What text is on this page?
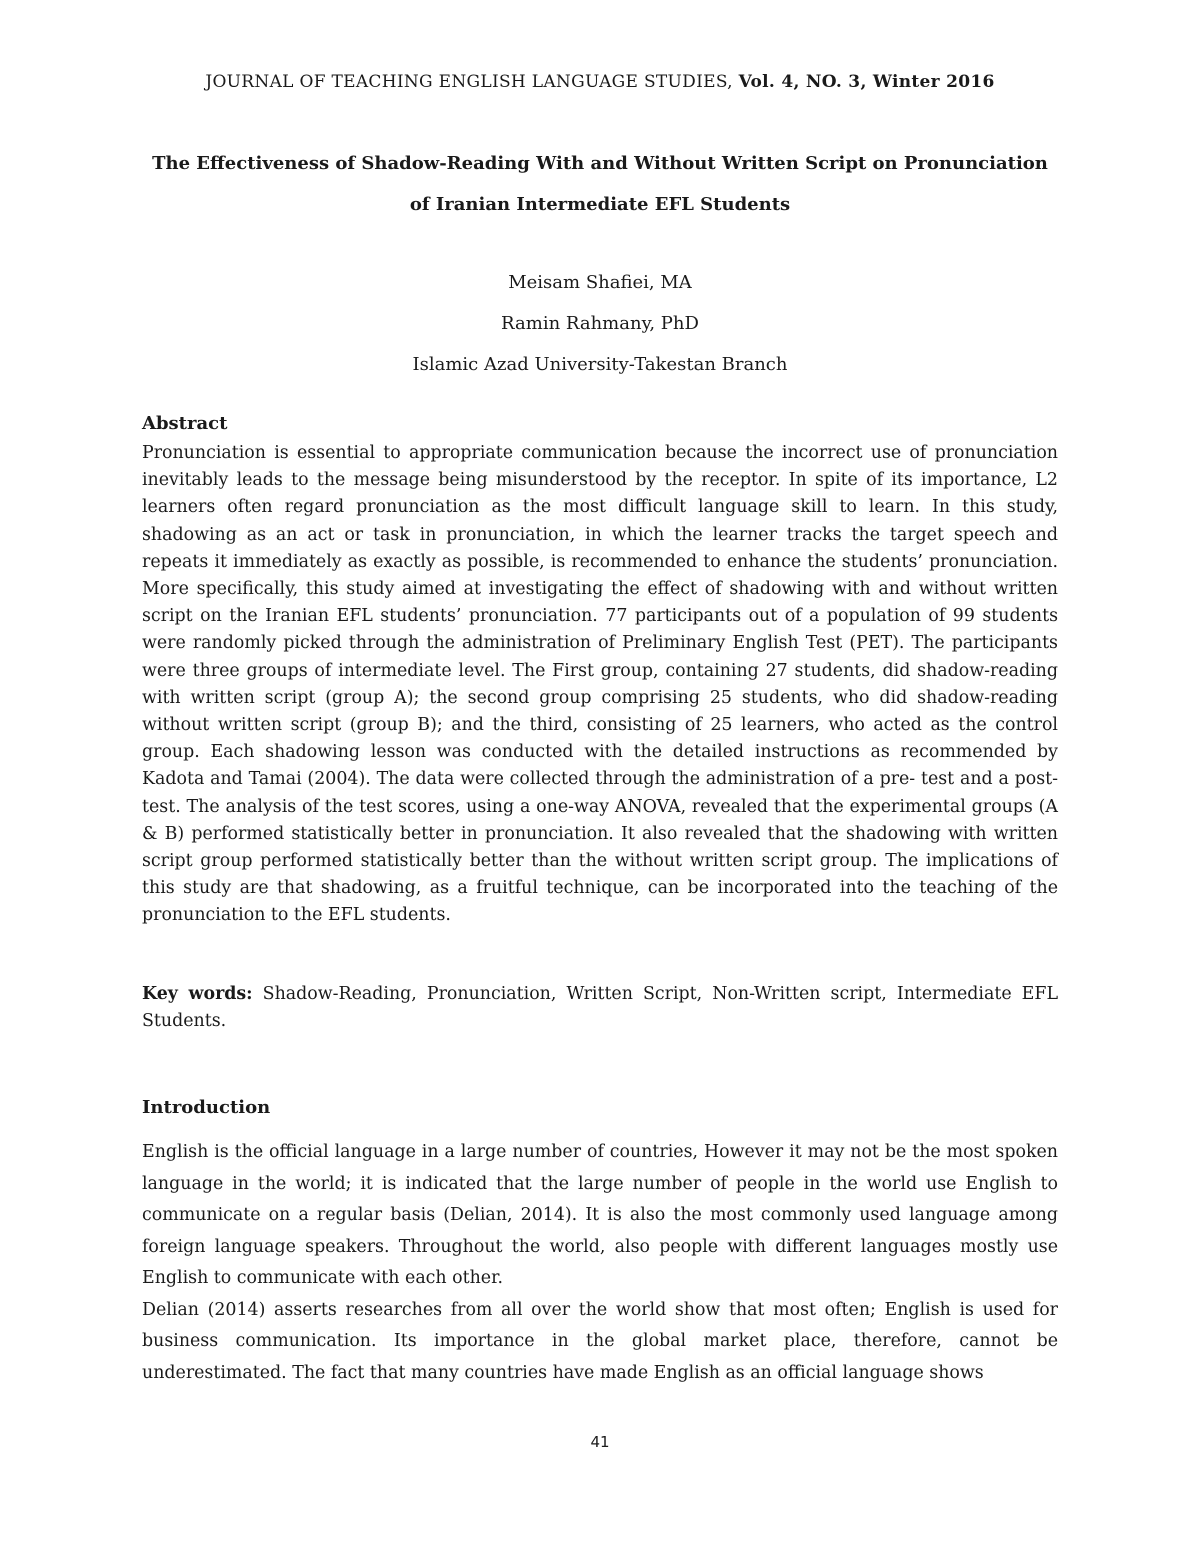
JOURNAL OF TEACHING ENGLISH LANGUAGE STUDIES, Vol. 4, NO. 3, Winter 2016
The Effectiveness of Shadow-Reading With and Without Written Script on Pronunciation
of Iranian Intermediate EFL Students
Meisam Shafiei, MA
Ramin Rahmany, PhD
Islamic Azad University-Takestan Branch
Abstract

Pronunciation is essential to appropriate communication because the incorrect use of pronunciation inevitably leads to the message being misunderstood by the receptor. In spite of its importance, L2 learners often regard pronunciation as the most difficult language skill to learn. In this study, shadowing as an act or task in pronunciation, in which the learner tracks the target speech and repeats it immediately as exactly as possible, is recommended to enhance the students’ pronunciation. More specifically, this study aimed at investigating the effect of shadowing with and without written script on the Iranian EFL students’ pronunciation. 77 participants out of a population of 99 students were randomly picked through the administration of Preliminary English Test (PET). The participants were three groups of intermediate level. The First group, containing 27 students, did shadow-reading with written script (group A); the second group comprising 25 students, who did shadow-reading without written script (group B); and the third, consisting of 25 learners, who acted as the control group. Each shadowing lesson was conducted with the detailed instructions as recommended by Kadota and Tamai (2004). The data were collected through the administration of a pre- test and a post-test. The analysis of the test scores, using a one-way ANOVA, revealed that the experimental groups (A & B) performed statistically better in pronunciation. It also revealed that the shadowing with written script group performed statistically better than the without written script group. The implications of this study are that shadowing, as a fruitful technique, can be incorporated into the teaching of the pronunciation to the EFL students.

Key words: Shadow-Reading, Pronunciation, Written Script, Non-Written script, Intermediate EFL Students.

Introduction

English is the official language in a large number of countries, However it may not be the most spoken language in the world; it is indicated that the large number of people in the world use English to communicate on a regular basis (Delian, 2014). It is also the most commonly used language among foreign language speakers. Throughout the world, also people with different languages mostly use English to communicate with each other.

Delian (2014) asserts researches from all over the world show that most often; English is used for business communication. Its importance in the global market place, therefore, cannot be underestimated. The fact that many countries have made English as an official language shows

41
